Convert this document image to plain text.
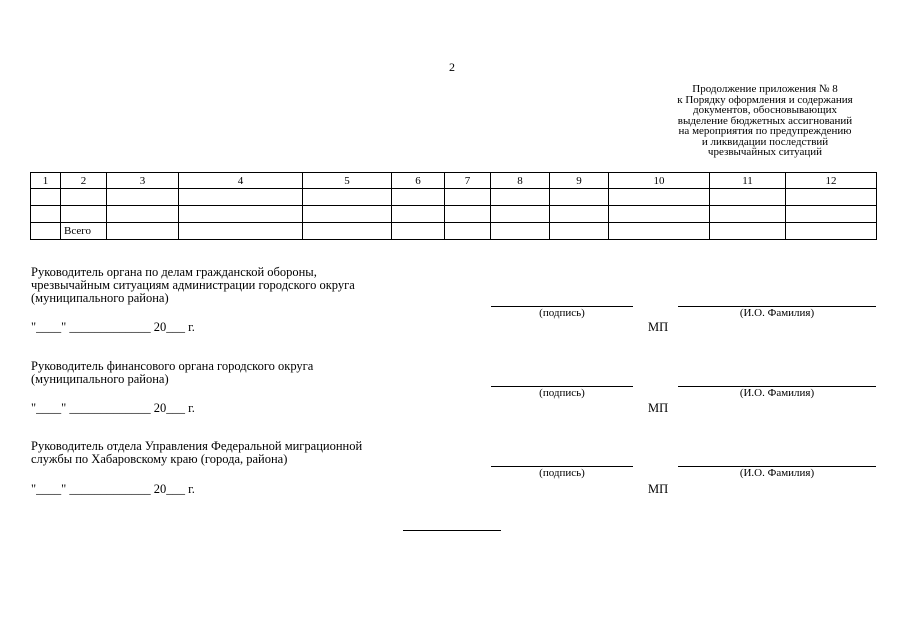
2
Продолжение приложения № 8
к Порядку оформления и содержания
документов, обосновывающих
выделение бюджетных ассигнований
на мероприятия по предупреждению
и ликвидации последствий
чрезвычайных ситуаций
1	2	3	4	5	6	7	8	9	10	11	12

	Всего										
Руководитель органа по делам гражданской обороны,
чрезвычайным ситуациям администрации городского округа
(муниципального района)
(подпись)	(И.О. Фамилия)
"____" _____________ 20___ г.	МП
Руководитель финансового органа городского округа
(муниципального района)
(подпись)	(И.О. Фамилия)
"____" _____________ 20___ г.	МП
Руководитель отдела Управления Федеральной миграционной
службы по Хабаровскому краю (города, района)
(подпись)	(И.О. Фамилия)
"____" _____________ 20___ г.	МП
